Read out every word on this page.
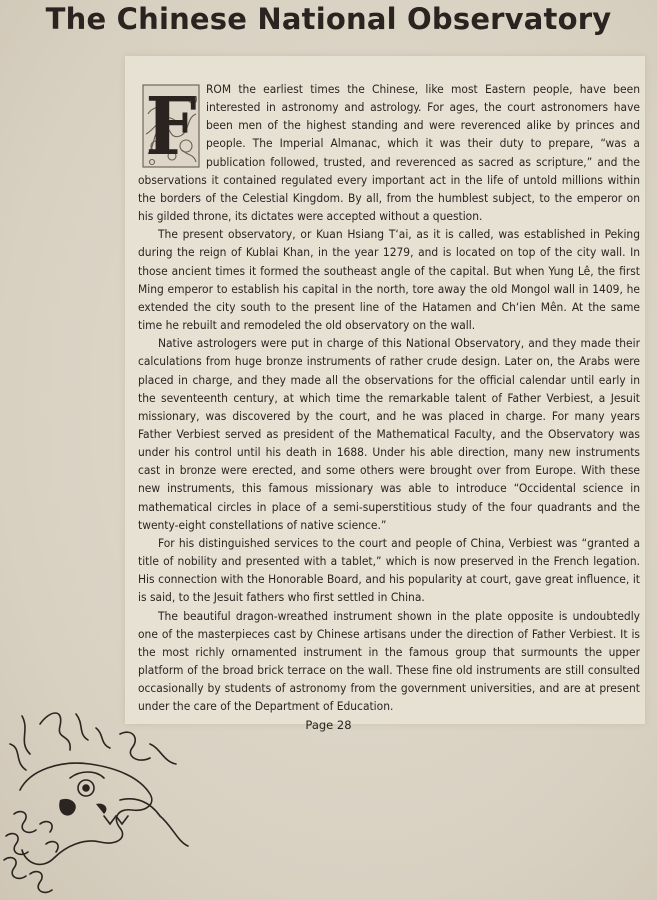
The Chinese National Observatory

F ROM the earliest times the Chinese, like most Eastern people, have been interested in astronomy and astrology. For ages, the court astronomers have been men of the highest standing and were reverenced alike by princes and people. The Imperial Almanac, which it was their duty to prepare, “was a publication followed, trusted, and reverenced as sacred as scripture,” and the observations it contained regulated every important act in the life of untold millions within the borders of the Celestial Kingdom. By all, from the humblest subject, to the emperor on his gilded throne, its dictates were accepted without a question.

The present observatory, or Kuan Hsiang T‘ai, as it is called, was established in Peking during the reign of Kublai Khan, in the year 1279, and is located on top of the city wall. In those ancient times it formed the southeast angle of the capital. But when Yung Lê, the first Ming emperor to establish his capital in the north, tore away the old Mongol wall in 1409, he extended the city south to the present line of the Hatamen and Ch‘ien Mên. At the same time he rebuilt and remodeled the old observatory on the wall.

Native astrologers were put in charge of this National Observatory, and they made their calculations from huge bronze instruments of rather crude design. Later on, the Arabs were placed in charge, and they made all the observations for the official calendar until early in the seventeenth century, at which time the remarkable talent of Father Verbiest, a Jesuit missionary, was discovered by the court, and he was placed in charge. For many years Father Verbiest served as president of the Mathematical Faculty, and the Observatory was under his control until his death in 1688. Under his able direction, many new instruments cast in bronze were erected, and some others were brought over from Europe. With these new instruments, this famous missionary was able to introduce “Occidental science in mathematical circles in place of a semi-superstitious study of the four quadrants and the twenty-eight constellations of native science.”

For his distinguished services to the court and people of China, Verbiest was “granted a title of nobility and presented with a tablet,” which is now preserved in the French legation. His connection with the Honorable Board, and his popularity at court, gave great influence, it is said, to the Jesuit fathers who first settled in China.

The beautiful dragon-wreathed instrument shown in the plate opposite is undoubtedly one of the masterpieces cast by Chinese artisans under the direction of Father Verbiest. It is the most richly ornamented instrument in the famous group that surmounts the upper platform of the broad brick terrace on the wall. These fine old instruments are still consulted occasionally by students of astronomy from the government universities, and are at present under the care of the Department of Education.

Page 28
